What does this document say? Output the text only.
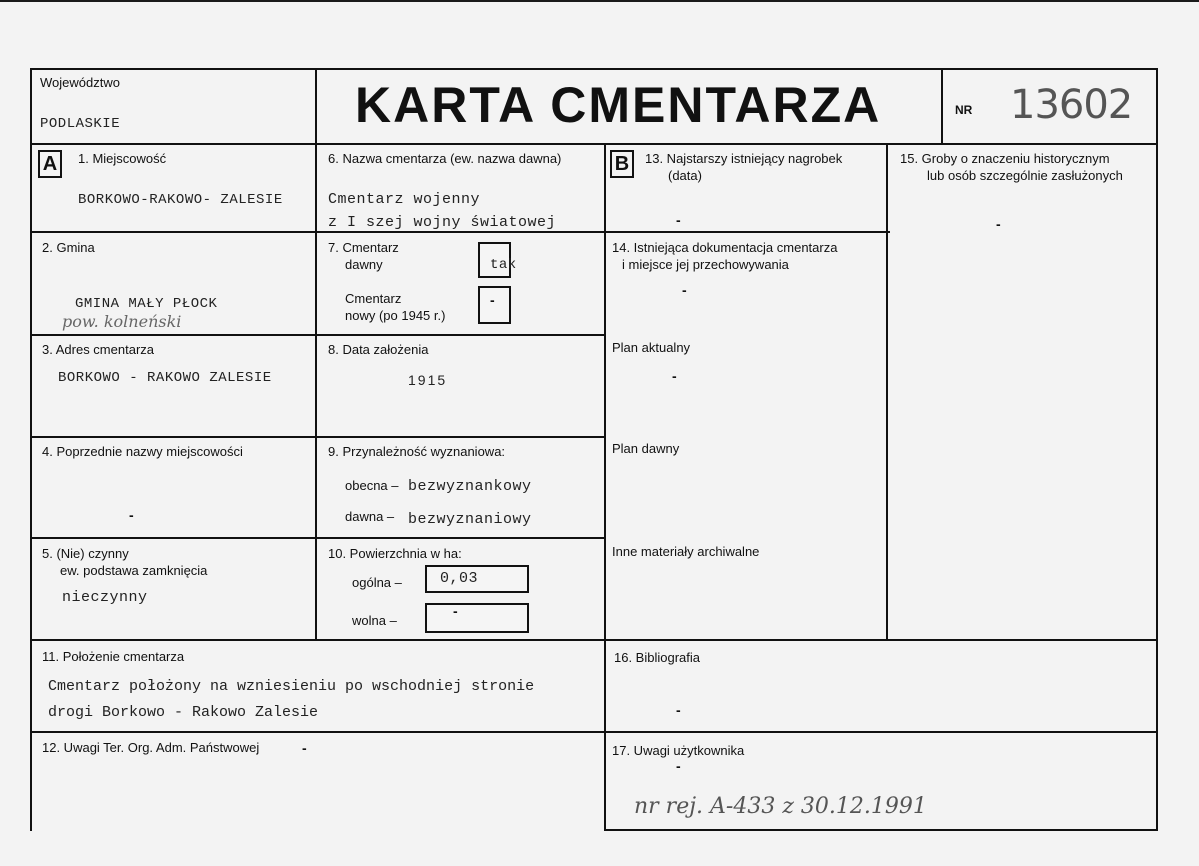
Województwo
PODLASKIE	KARTA CMENTARZA	NR 13602
A	1. Miejscowość
BORKOWO-RAKOWO- ZALESIE
2. Gmina
GMINA MAŁY PŁOCK
pow. kolneński
3. Adres cmentarza
BORKOWO - RAKOWO ZALESIE
4. Poprzednie nazwy miejscowości
-
5. (Nie) czynny
ew. podstawa zamknięcia
nieczynny
6. Nazwa cmentarza (ew. nazwa dawna)
Cmentarz wojenny
z I szej wojny światowej
7. Cmentarz
dawny	tak
Cmentarz
nowy (po 1945 r.)
-
8. Data założenia
1915
9. Przynależność wyznaniowa:
obecna – bezwyznankowy
dawna – bezwyznaniowy
10. Powierzchnia w ha:
ogólna –	0,03
wolna –
-
B	13. Najstarszy istniejący nagrobek
(data)
-
14. Istniejąca dokumentacja cmentarza
i miejsce jej przechowywania
-
Plan aktualny
-
Plan dawny
Inne materiały archiwalne
15. Groby o znaczeniu historycznym
lub osób szczególnie zasłużonych
-
11. Położenie cmentarza
Cmentarz położony na wzniesieniu po wschodniej stronie
drogi Borkowo - Rakowo Zalesie
16. Bibliografia
-
12. Uwagi Ter. Org. Adm. Państwowej	-	17. Uwagi użytkownika
-
nr rej. A-433 z 30.12.1991
